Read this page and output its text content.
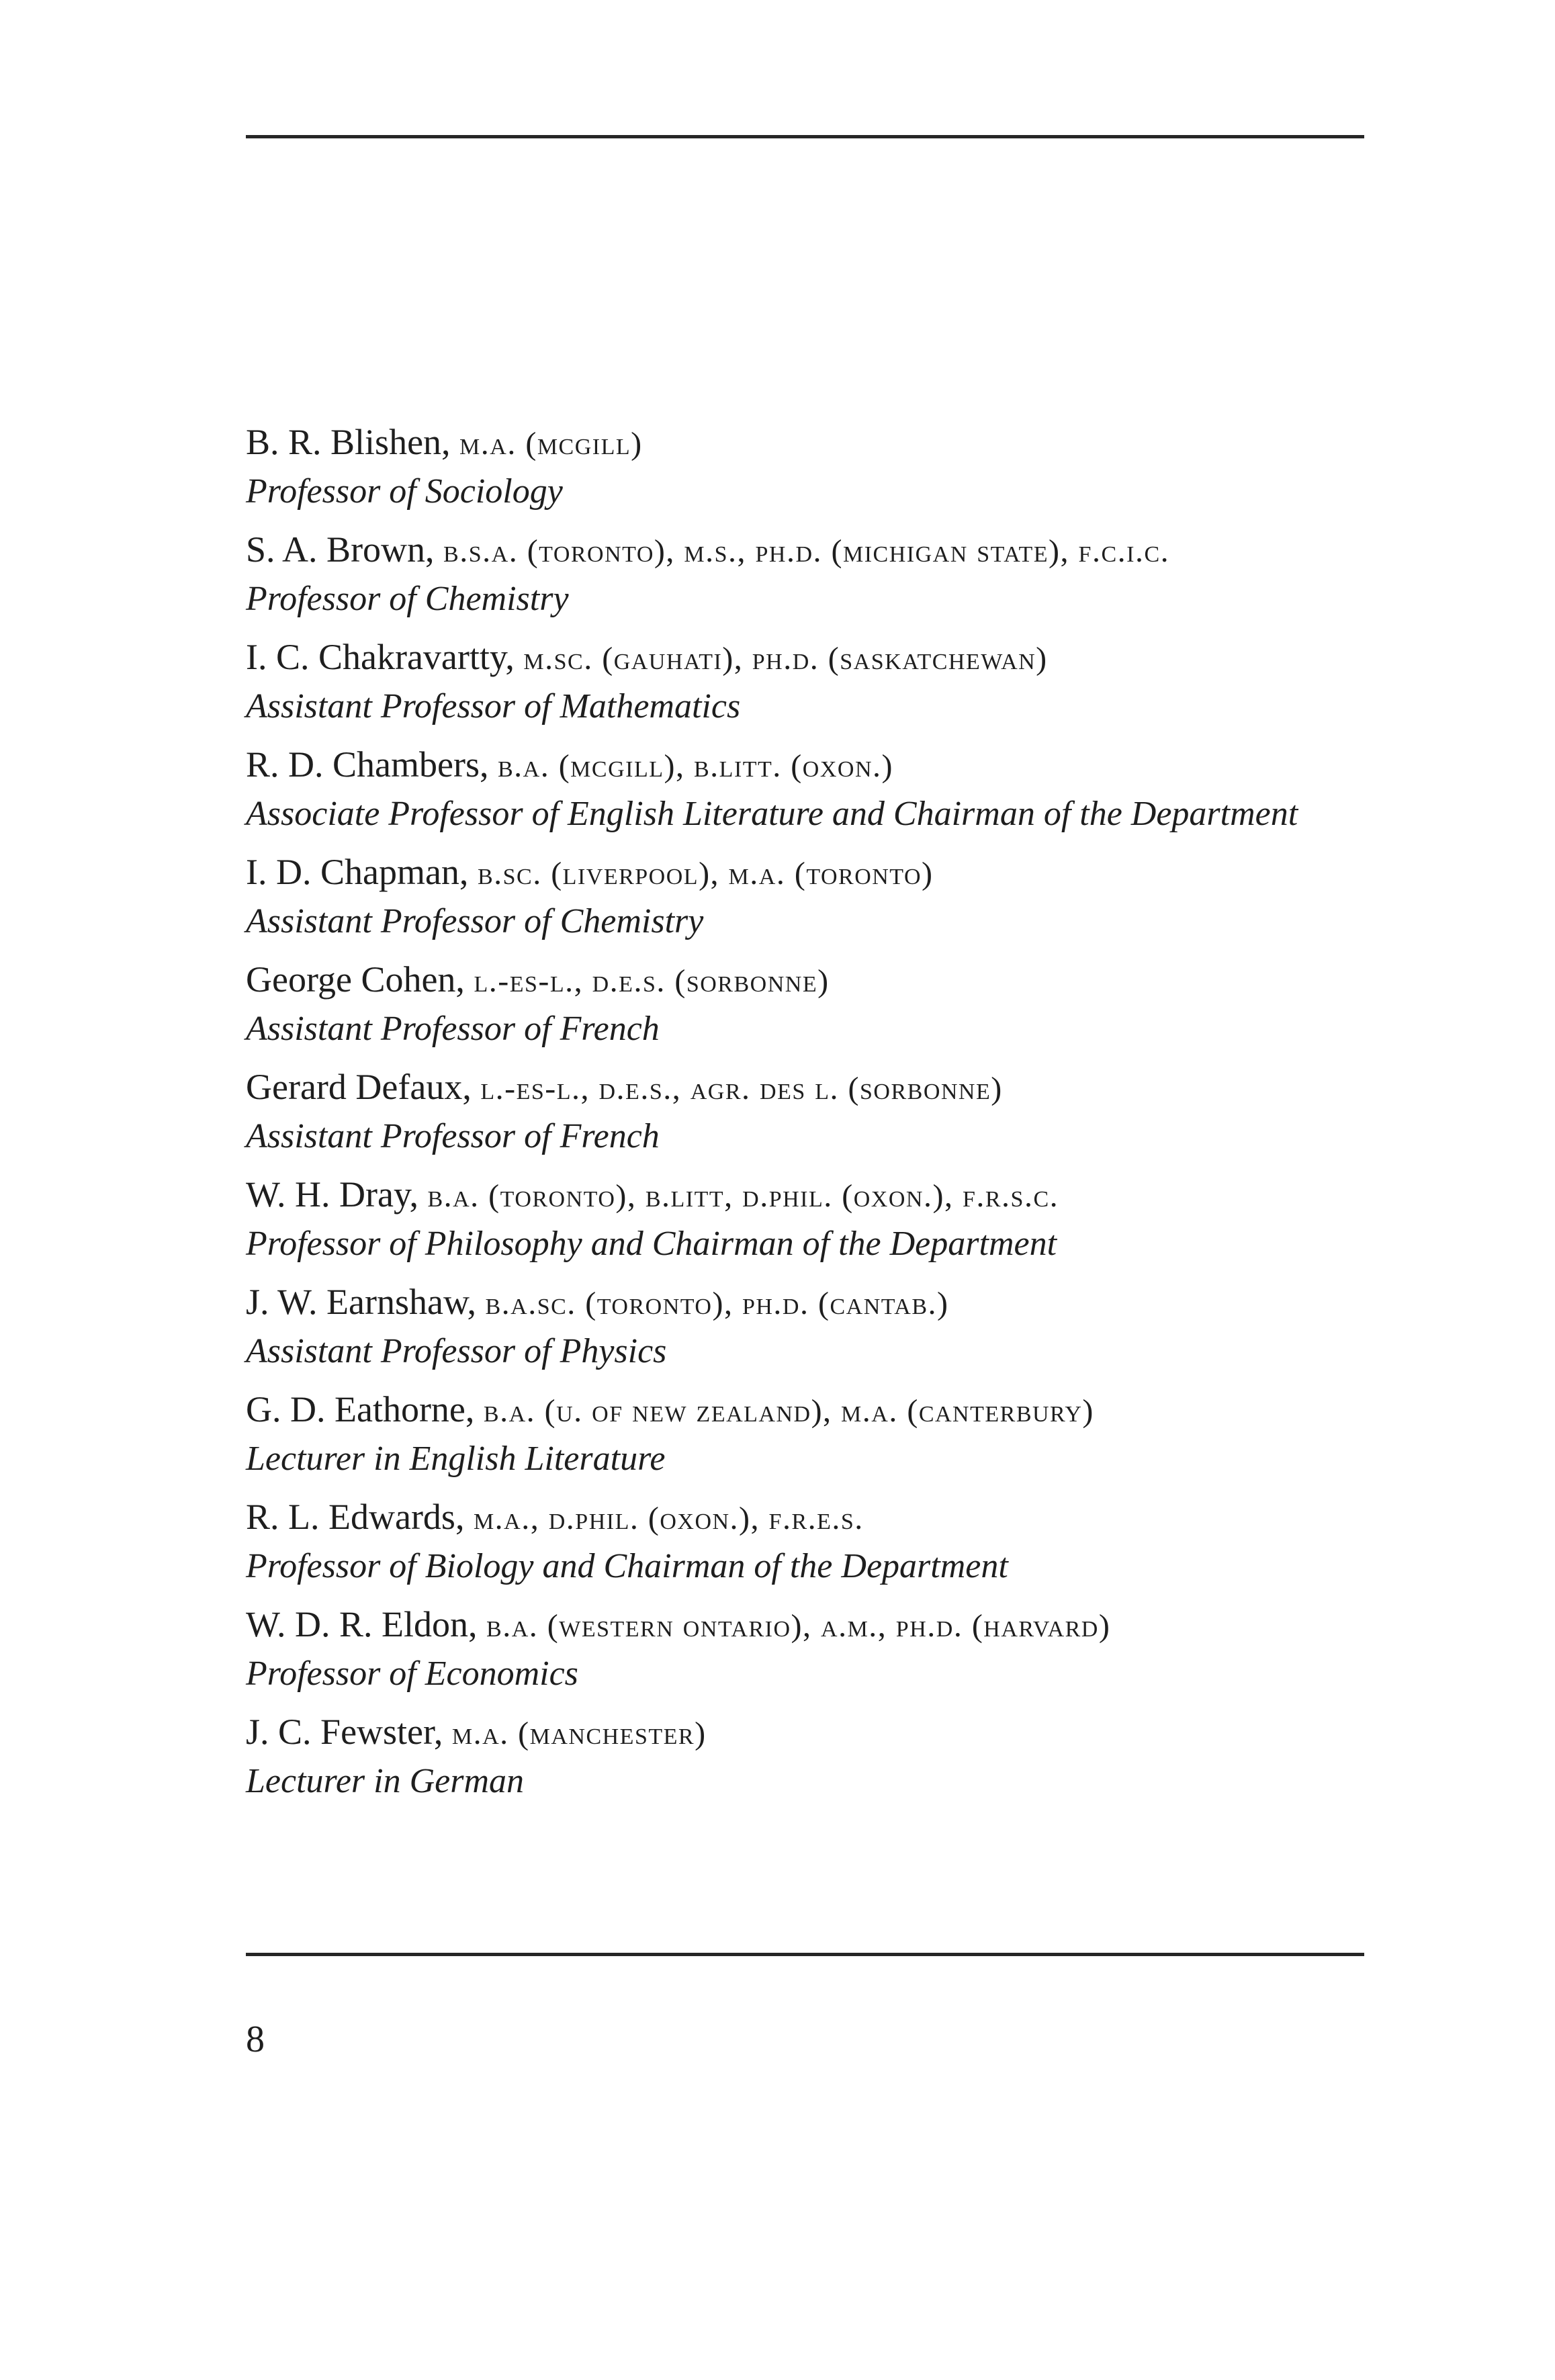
B. R. Blishen, m.a. (mcgill)
Professor of Sociology
S. A. Brown, b.s.a. (toronto), m.s., ph.d. (michigan state), f.c.i.c.
Professor of Chemistry
I. C. Chakravartty, m.sc. (gauhati), ph.d. (saskatchewan)
Assistant Professor of Mathematics
R. D. Chambers, b.a. (mcgill), b.litt. (oxon.)
Associate Professor of English Literature and Chairman of the Department
I. D. Chapman, b.sc. (liverpool), m.a. (toronto)
Assistant Professor of Chemistry
George Cohen, l.-es-l., d.e.s. (sorbonne)
Assistant Professor of French
Gerard Defaux, l.-es-l., d.e.s., agr. des l. (sorbonne)
Assistant Professor of French
W. H. Dray, b.a. (toronto), b.litt, d.phil. (oxon.), f.r.s.c.
Professor of Philosophy and Chairman of the Department
J. W. Earnshaw, b.a.sc. (toronto), ph.d. (cantab.)
Assistant Professor of Physics
G. D. Eathorne, b.a. (u. of new zealand), m.a. (canterbury)
Lecturer in English Literature
R. L. Edwards, m.a., d.phil. (oxon.), f.r.e.s.
Professor of Biology and Chairman of the Department
W. D. R. Eldon, b.a. (western ontario), a.m., ph.d. (harvard)
Professor of Economics
J. C. Fewster, m.a. (manchester)
Lecturer in German
8
